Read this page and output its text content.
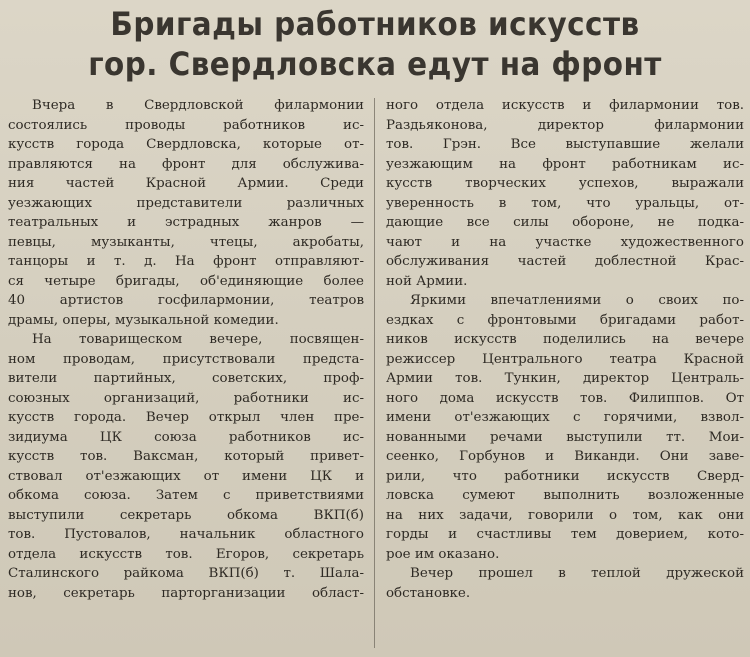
Бригады работников искусств
гор. Свердловска едут на фронт
Вчера в Свердловской филармонии
состоялись проводы работников ис-
кусств города Свердловска, которые от-
правляются на фронт для обслужива-
ния частей Красной Армии. Среди
уезжающих представители различных
театральных и эстрадных жанров —
певцы, музыканты, чтецы, акробаты,
танцоры и т. д. На фронт отправляют-
ся четыре бригады, об'единяющие более
40 артистов госфилармонии, театров
драмы, оперы, музыкальной комедии.
На товарищеском вечере, посвящен-
ном проводам, присутствовали предста-
вители партийных, советских, проф-
союзных организаций, работники ис-
кусств города. Вечер открыл член пре-
зидиума ЦК союза работников ис-
кусств тов. Ваксман, который привет-
ствовал от'езжающих от имени ЦК и
обкома союза. Затем с приветствиями
выступили секретарь обкома ВКП(б)
тов. Пустовалов, начальник областного
отдела искусств тов. Егоров, секретарь
Сталинского райкома ВКП(б) т. Шала-
нов, секретарь парторганизации област-
ного отдела искусств и филармонии тов.
Раздьяконова, директор филармонии
тов. Грэн. Все выступавшие желали
уезжающим на фронт работникам ис-
кусств творческих успехов, выражали
уверенность в том, что уральцы, от-
дающие все силы обороне, не подка-
чают и на участке художественного
обслуживания частей доблестной Крас-
ной Армии.
Яркими впечатлениями о своих по-
ездках с фронтовыми бригадами работ-
ников искусств поделились на вечере
режиссер Центрального театра Красной
Армии тов. Тункин, директор Централь-
ного дома искусств тов. Филиппов. От
имени от'езжающих с горячими, взвол-
нованными речами выступили тт. Мои-
сеенко, Горбунов и Виканди. Они заве-
рили, что работники искусств Сверд-
ловска сумеют выполнить возложенные
на них задачи, говорили о том, как они
горды и счастливы тем доверием, кото-
рое им оказано.
Вечер прошел в теплой дружеской
обстановке.
